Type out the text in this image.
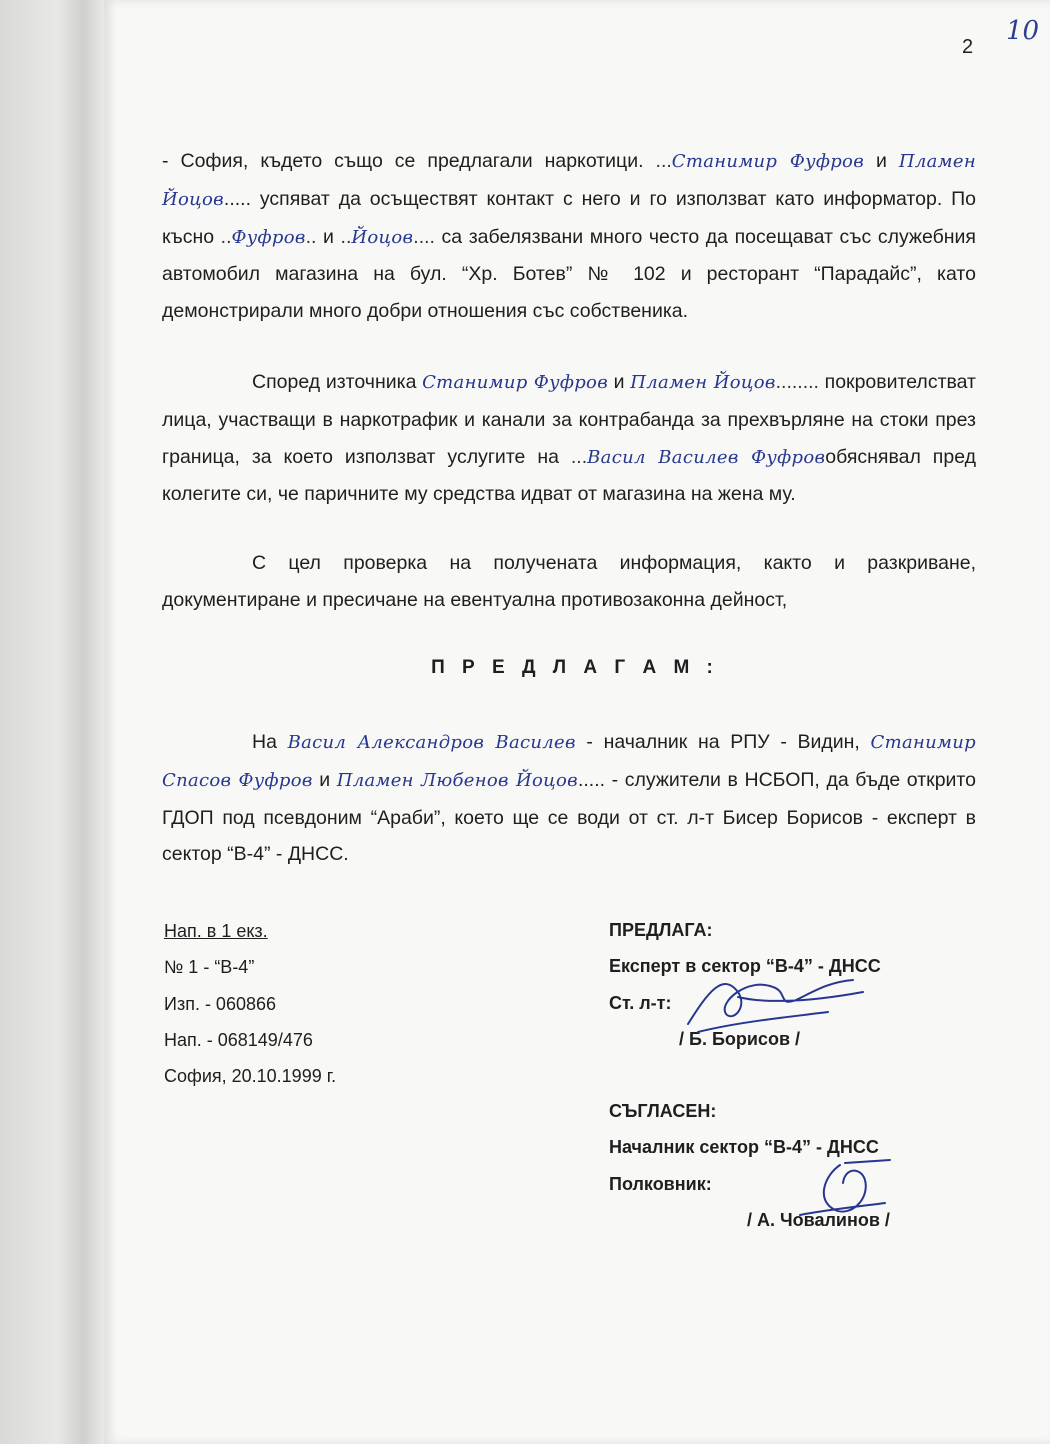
2
10

- София, където също се предлагали наркотици. ...Станимир Фуфров и Пламен Йоцов..... успяват да осъществят контакт с него и го използват като информатор. По късно ..Фуфров.. и ..Йоцов.... са забелязвани много често да посещават със служебния автомобил магазина на бул. “Хр. Ботев” № 102 и ресторант “Парадайс”, като демонстрирали много добри отношения със собственика.

Според източника Станимир Фуфров и Пламен Йоцов........ покровителстват лица, участващи в наркотрафик и канали за контрабанда за прехвърляне на стоки през граница, за което използват услугите на ...Васил Василев Фуфровобяснявал пред колегите си, че паричните му средства идват от магазина на жена му.

С цел проверка на получената информация, както и разкриване, документиране и пресичане на евентуална противозаконна дейност,

П Р Е Д Л А Г А М :

На Васил Александров Василев - началник на РПУ - Видин, Станимир Спасов Фуфров и Пламен Любенов Йоцов..... - служители в НСБОП, да бъде открито ГДОП под псевдоним “Араби”, което ще се води от ст. л-т Бисер Борисов - експерт в сектор “В-4” - ДНСС.

Нап. в 1 екз.
№ 1 - “В-4”
Изп. - 060866
Нап. - 068149/476
София, 20.10.1999 г.
ПРЕДЛАГА:
Експерт в сектор “В-4” - ДНСС
Ст. л-т:
/ Б. Борисов /
СЪГЛАСЕН:
Началник сектор “В-4” - ДНСС
Полковник:
/ А. Човалинов /
